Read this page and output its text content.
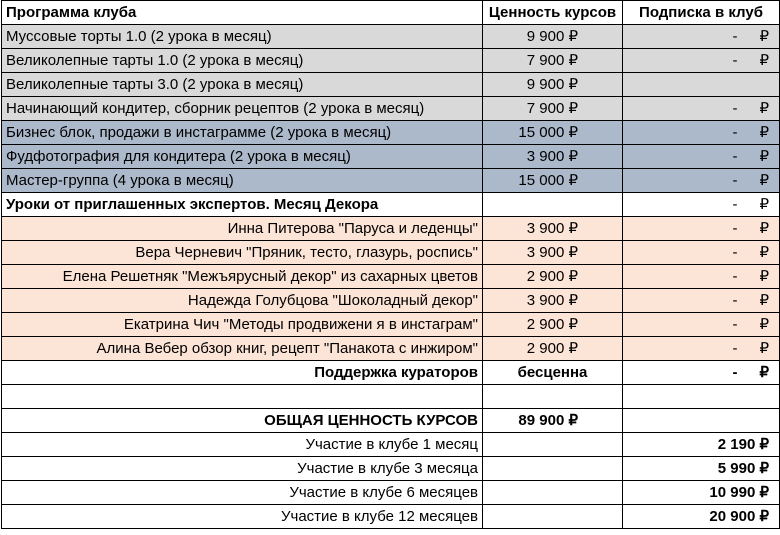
Программа клуба	Ценность курсов	Подписка в клуб
Муссовые торты 1.0 (2 урока в месяц)	9 900 ₽	- ₽

Великолепные тарты 1.0 (2 урока в месяц)	7 900 ₽	- ₽

Великолепные тарты 3.0 (2 урока в месяц)	9 900 ₽	

Начинающий кондитер, сборник рецептов (2 урока в месяц)	7 900 ₽	- ₽

Бизнес блок, продажи в инстаграмме (2 урока в месяц)	15 000 ₽	- ₽

Фудфотография для кондитера (2 урока в месяц)	3 900 ₽	- ₽

Мастер-группа (4 урока в месяц)	15 000 ₽	- ₽

Уроки от приглашенных экспертов. Месяц Декора		- ₽

Инна Питерова "Паруса и леденцы"	3 900 ₽	- ₽

Вера Черневич "Пряник, тесто, глазурь, роспись"	3 900 ₽	- ₽

Елена Решетняк "Межъярусный декор" из сахарных цветов	2 900 ₽	- ₽

Надежда Голубцова "Шоколадный декор"	3 900 ₽	- ₽

Екатрина Чич "Методы продвижени я в инстаграм"	2 900 ₽	- ₽

Алина Вебер обзор книг, рецепт "Панакота с инжиром"	2 900 ₽	- ₽

Поддержка кураторов	бесценна	- ₽

ОБЩАЯ ЦЕННОСТЬ КУРСОВ	89 900 ₽	

Участие в клубе 1 месяц		2 190 ₽
Участие в клубе 3 месяца		5 990 ₽
Участие в клубе 6 месяцев		10 990 ₽
Участие в клубе 12 месяцев		20 900 ₽
